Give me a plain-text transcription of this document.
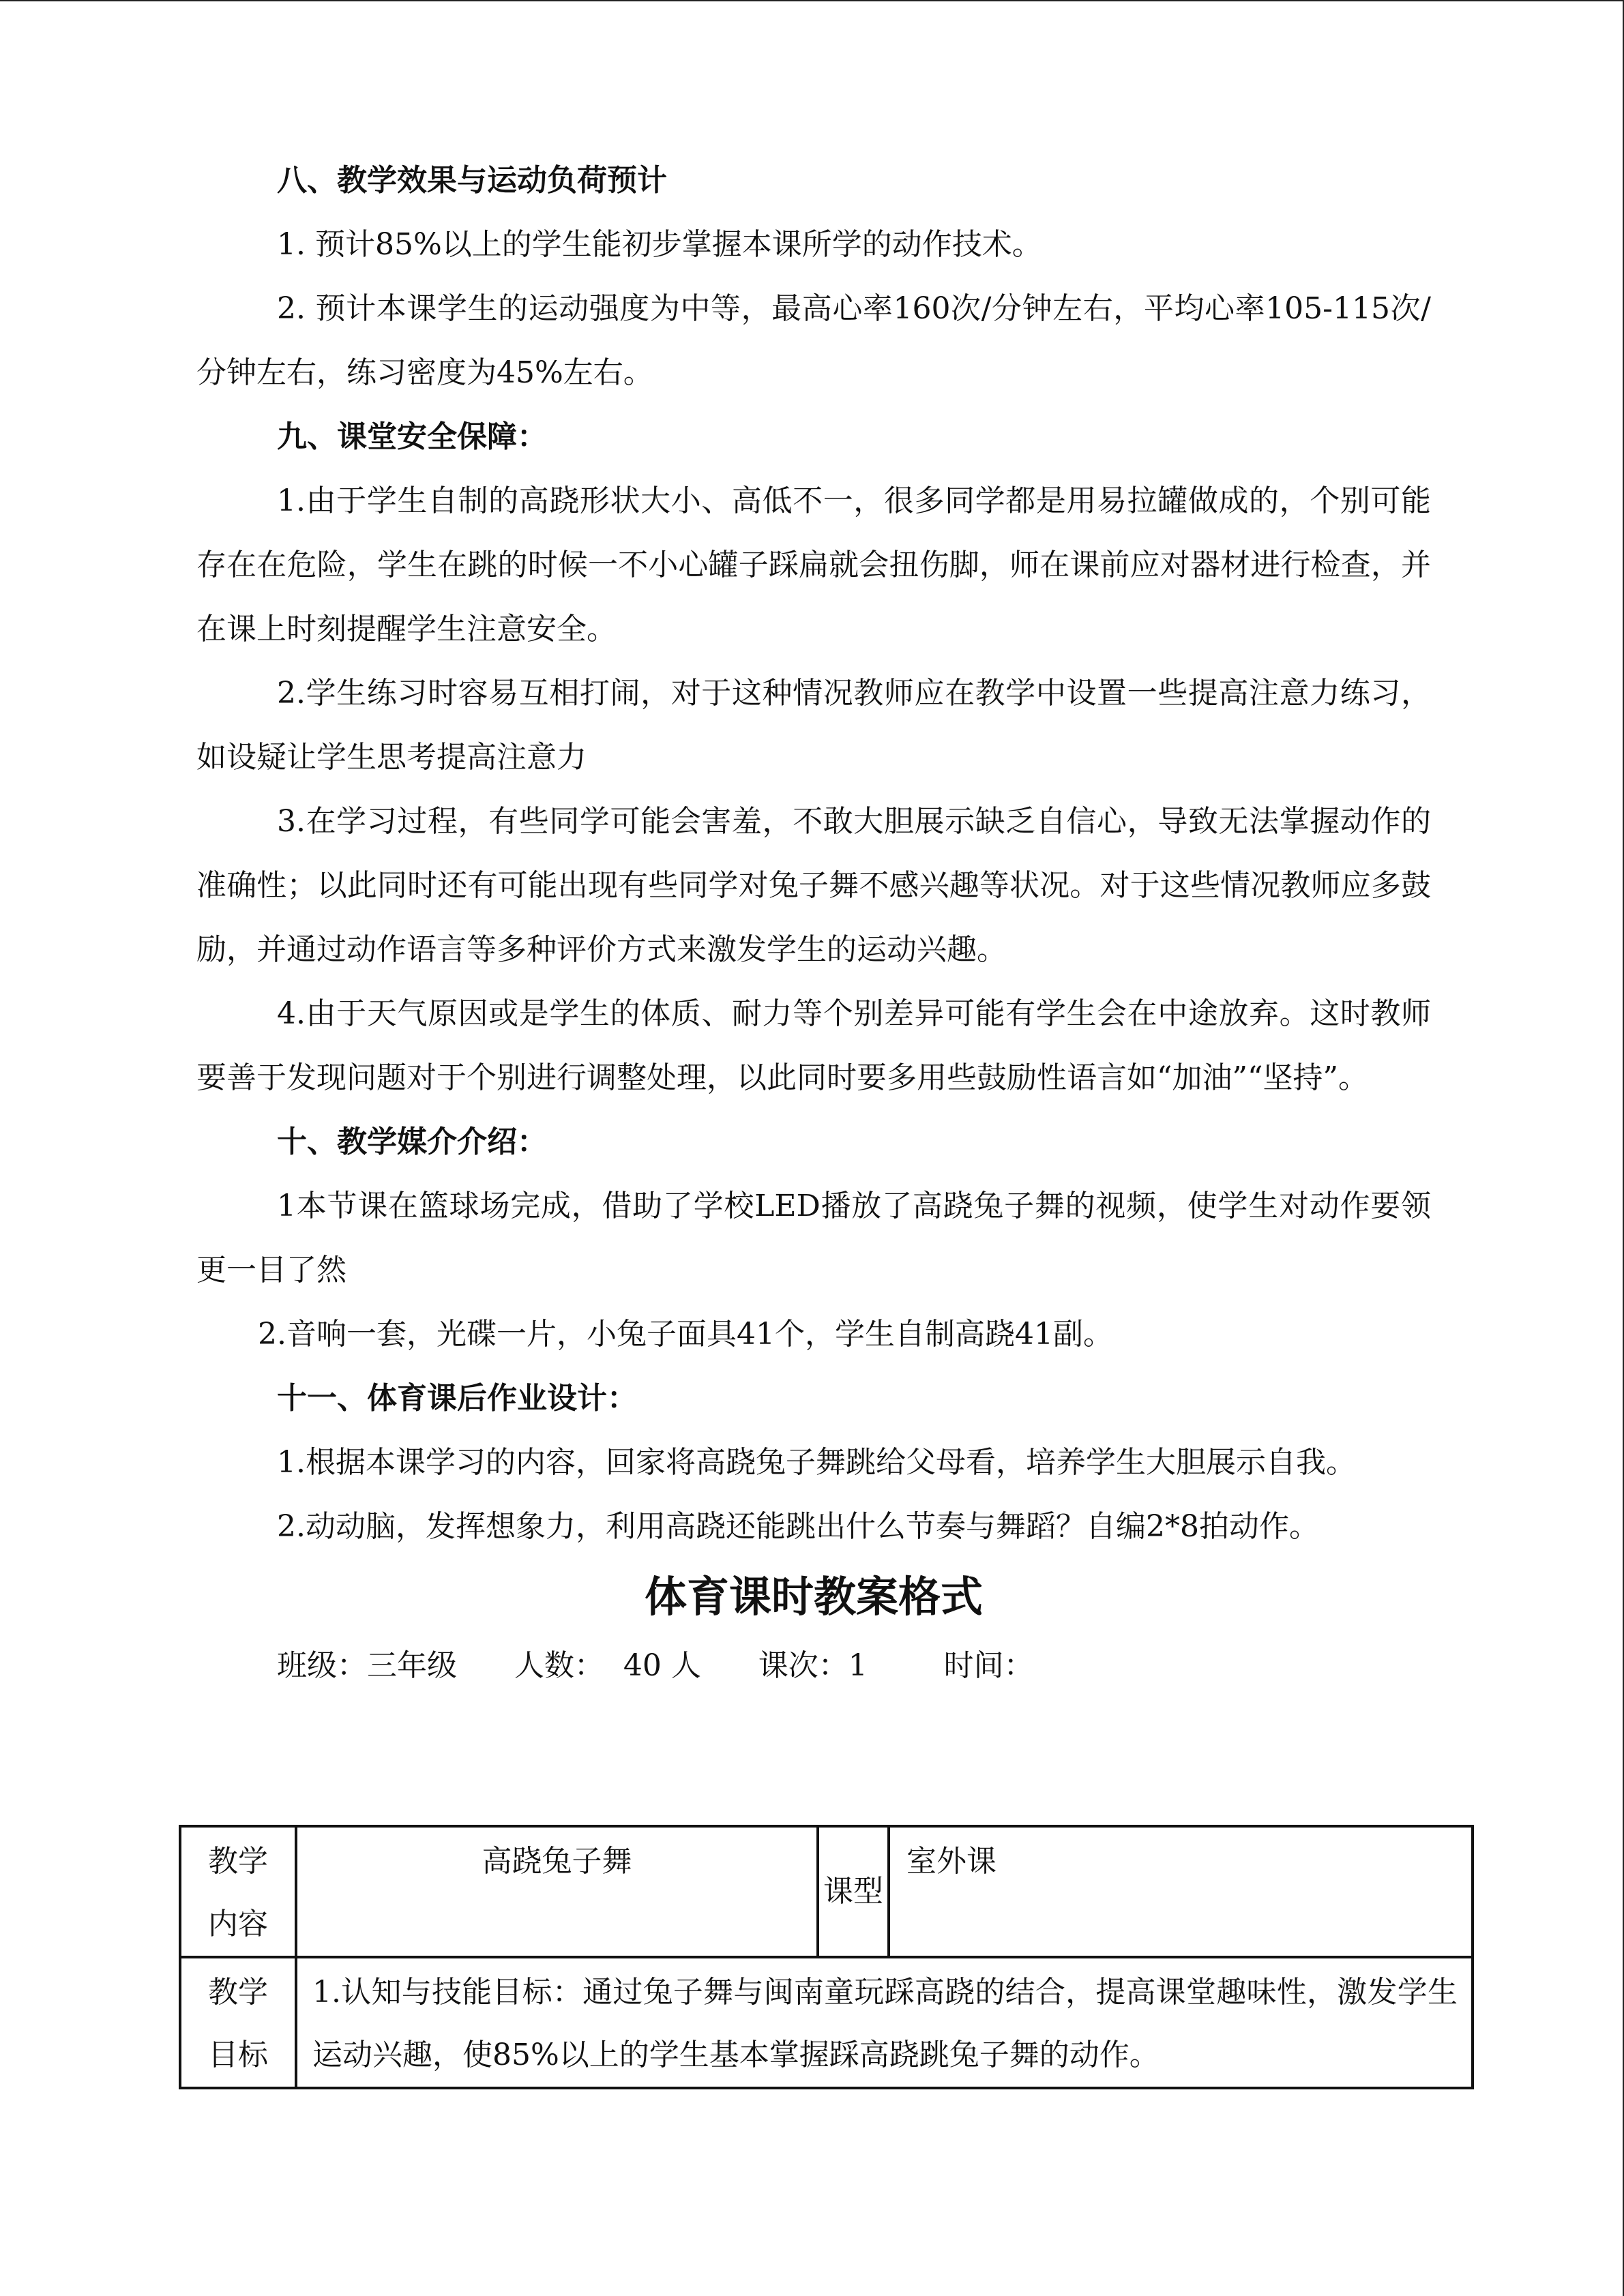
八、教学效果与运动负荷预计
1. 预计85%以上的学生能初步掌握本课所学的动作技术。
2. 预计本课学生的运动强度为中等，最高心率160次/分钟左右，平均心率105-115次/分钟左右，练习密度为45%左右。
九、课堂安全保障：
1.由于学生自制的高跷形状大小、高低不一，很多同学都是用易拉罐做成的，个别可能存在在危险，学生在跳的时候一不小心罐子踩扁就会扭伤脚，师在课前应对器材进行检查，并在课上时刻提醒学生注意安全。
2.学生练习时容易互相打闹，对于这种情况教师应在教学中设置一些提高注意力练习，如设疑让学生思考提高注意力
3.在学习过程，有些同学可能会害羞，不敢大胆展示缺乏自信心，导致无法掌握动作的准确性；以此同时还有可能出现有些同学对兔子舞不感兴趣等状况。对于这些情况教师应多鼓励，并通过动作语言等多种评价方式来激发学生的运动兴趣。
4.由于天气原因或是学生的体质、耐力等个别差异可能有学生会在中途放弃。这时教师要善于发现问题对于个别进行调整处理，以此同时要多用些鼓励性语言如“加油”“坚持”。
十、教学媒介介绍：
1本节课在篮球场完成，借助了学校LED播放了高跷兔子舞的视频，使学生对动作要领更一目了然
2.音响一套，光碟一片，小兔子面具41个，学生自制高跷41副。
十一、体育课后作业设计：
1.根据本课学习的内容，回家将高跷兔子舞跳给父母看，培养学生大胆展示自我。
2.动动脑，发挥想象力，利用高跷还能跳出什么节奏与舞蹈？自编2*8拍动作。
体育课时教案格式
班级：三年级      人数：  40 人      课次：1        时间：
教学内容	高跷兔子舞	课型	室外课

教学目标	1.认知与技能目标：通过兔子舞与闽南童玩踩高跷的结合，提高课堂趣味性，激发学生运动兴趣，使85%以上的学生基本掌握踩高跷跳兔子舞的动作。		
